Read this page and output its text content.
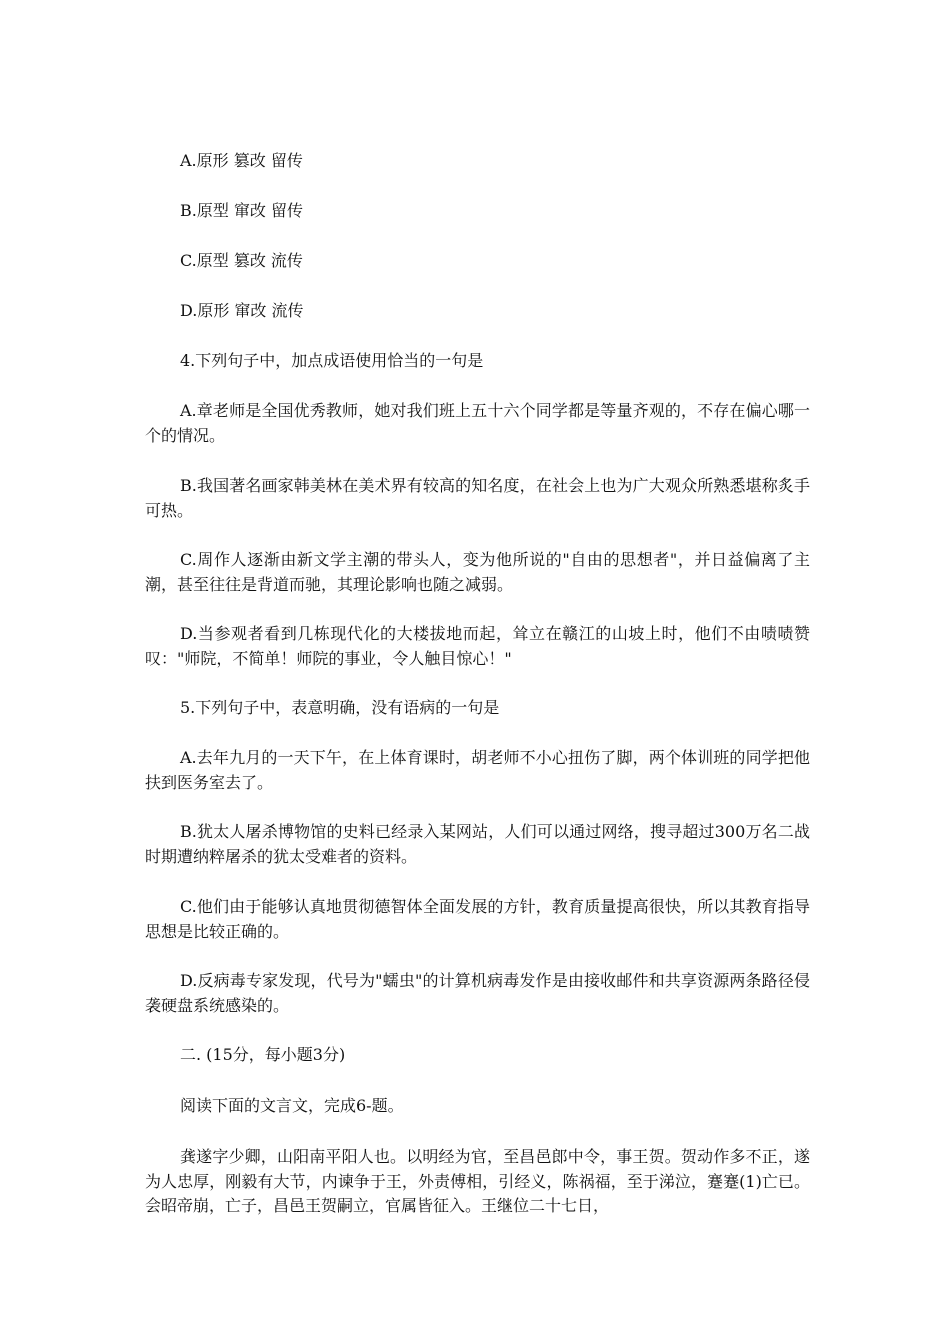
A.原形 篡改 留传
B.原型 窜改 留传
C.原型 篡改 流传
D.原形 窜改 流传
4.下列句子中，加点成语使用恰当的一句是

A.章老师是全国优秀教师，她对我们班上五十六个同学都是等量齐观的，不存在偏心哪一个的情况。

B.我国著名画家韩美林在美术界有较高的知名度，在社会上也为广大观众所熟悉堪称炙手可热。

C.周作人逐渐由新文学主潮的带头人，变为他所说的"自由的思想者"，并日益偏离了主潮，甚至往往是背道而驰，其理论影响也随之减弱。

D.当参观者看到几栋现代化的大楼拔地而起，耸立在赣江的山坡上时，他们不由啧啧赞叹："师院，不简单！师院的事业，令人触目惊心！"

5.下列句子中，表意明确，没有语病的一句是

A.去年九月的一天下午，在上体育课时，胡老师不小心扭伤了脚，两个体训班的同学把他扶到医务室去了。

B.犹太人屠杀博物馆的史料已经录入某网站，人们可以通过网络，搜寻超过300万名二战时期遭纳粹屠杀的犹太受难者的资料。

C.他们由于能够认真地贯彻德智体全面发展的方针，教育质量提高很快，所以其教育指导思想是比较正确的。

D.反病毒专家发现，代号为"蠕虫"的计算机病毒发作是由接收邮件和共享资源两条路径侵袭硬盘系统感染的。

二. (15分，每小题3分)
阅读下面的文言文，完成6-题。

龚遂字少卿，山阳南平阳人也。以明经为官，至昌邑郎中令，事王贺。贺动作多不正，遂为人忠厚，刚毅有大节，内谏争于王，外责傅相，引经义，陈祸福，至于涕泣，蹇蹇(1)亡已。会昭帝崩，亡子，昌邑王贺嗣立，官属皆征入。王继位二十七日，
